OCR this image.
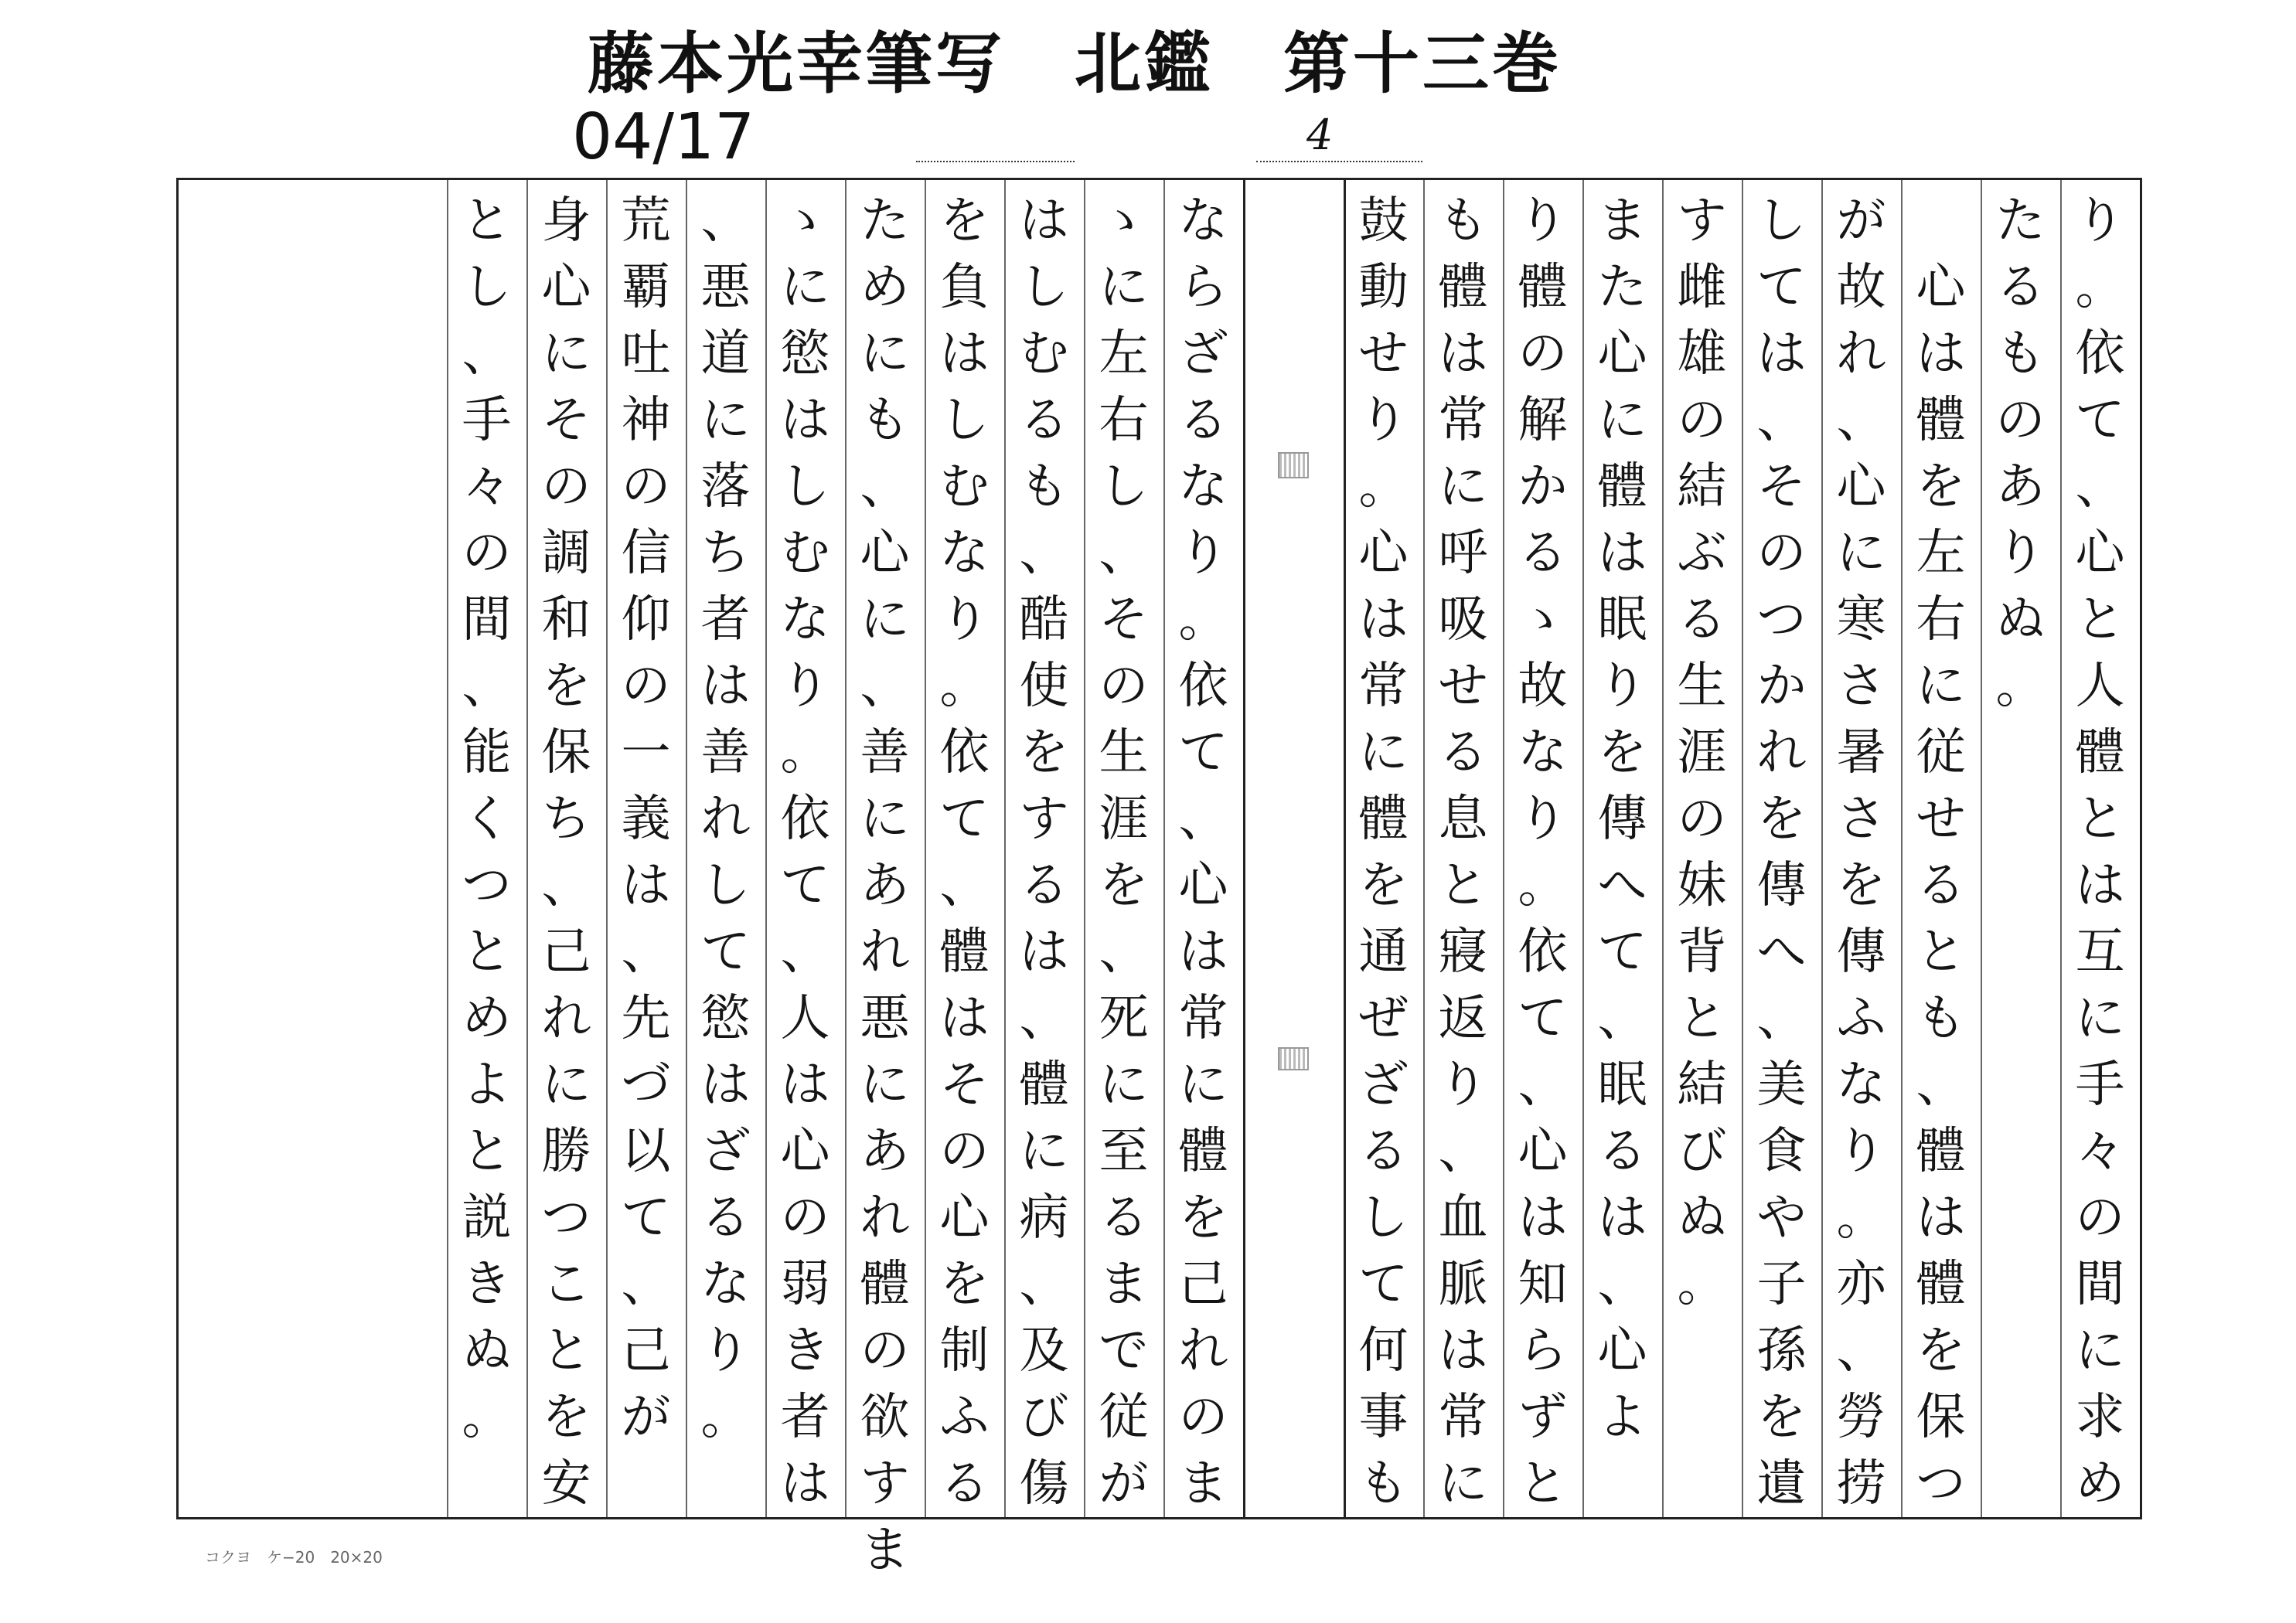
藤本光幸筆写　北鑑　第十三巻
04/17	4
り
。
依
て
、
心
と
人
體
と
は
互
に
手
々
の
間
に
求
め
た
る
も
の
あ
り
ぬ
。

心
は
體
を
左
右
に
従
せ
る
と
も
、
體
は
體
を
保
つ
が
故
れ
、
心
に
寒
さ
暑
さ
を
傳
ふ
な
り
。
亦
、
勞
捞
し
て
は
、
そ
の
つ
か
れ
を
傳
へ
、
美
食
や
子
孫
を
遺
す
雌
雄
の
結
ぶ
る
生
涯
の
妹
背
と
結
び
ぬ
。
ま
た
心
に
體
は
眠
り
を
傳
へ
て
、
眠
る
は
、
心
よ
り
體
の
解
か
る
ゝ
故
な
り
。
依
て
、
心
は
知
ら
ず
と
も
體
は
常
に
呼
吸
せ
る
息
と
寢
返
り
、
血
脈
は
常
に
鼓
動
せ
り
。
心
は
常
に
體
を
通
ぜ
ざ
る
し
て
何
事
も
な
ら
ざ
る
な
り
。
依
て
、
心
は
常
に
體
を
己
れ
の
ま
ゝ
に
左
右
し
、
そ
の
生
涯
を
、
死
に
至
る
ま
で
従
が
は
し
む
る
も
、
酷
使
を
す
る
は
、
體
に
病
、
及
び
傷
を
負
は
し
む
な
り
。
依
て
、
體
は
そ
の
心
を
制
ふ
る
た
め
に
も
、
心
に
、
善
に
あ
れ
悪
に
あ
れ
體
の
欲
す
ま
ゝ
に
慾
は
し
む
な
り
。
依
て
、
人
は
心
の
弱
き
者
は
、
悪
道
に
落
ち
者
は
善
れ
し
て
慾
は
ざ
る
な
り
。
荒
覇
吐
神
の
信
仰
の
一
義
は
、
先
づ
以
て
、
己
が
身
心
に
そ
の
調
和
を
保
ち
、
己
れ
に
勝
つ
こ
と
を
安
と
し
、
手
々
の
間
、
能
く
つ
と
め
よ
と
説
き
ぬ
。
コクヨ　ケ−20　20×20
